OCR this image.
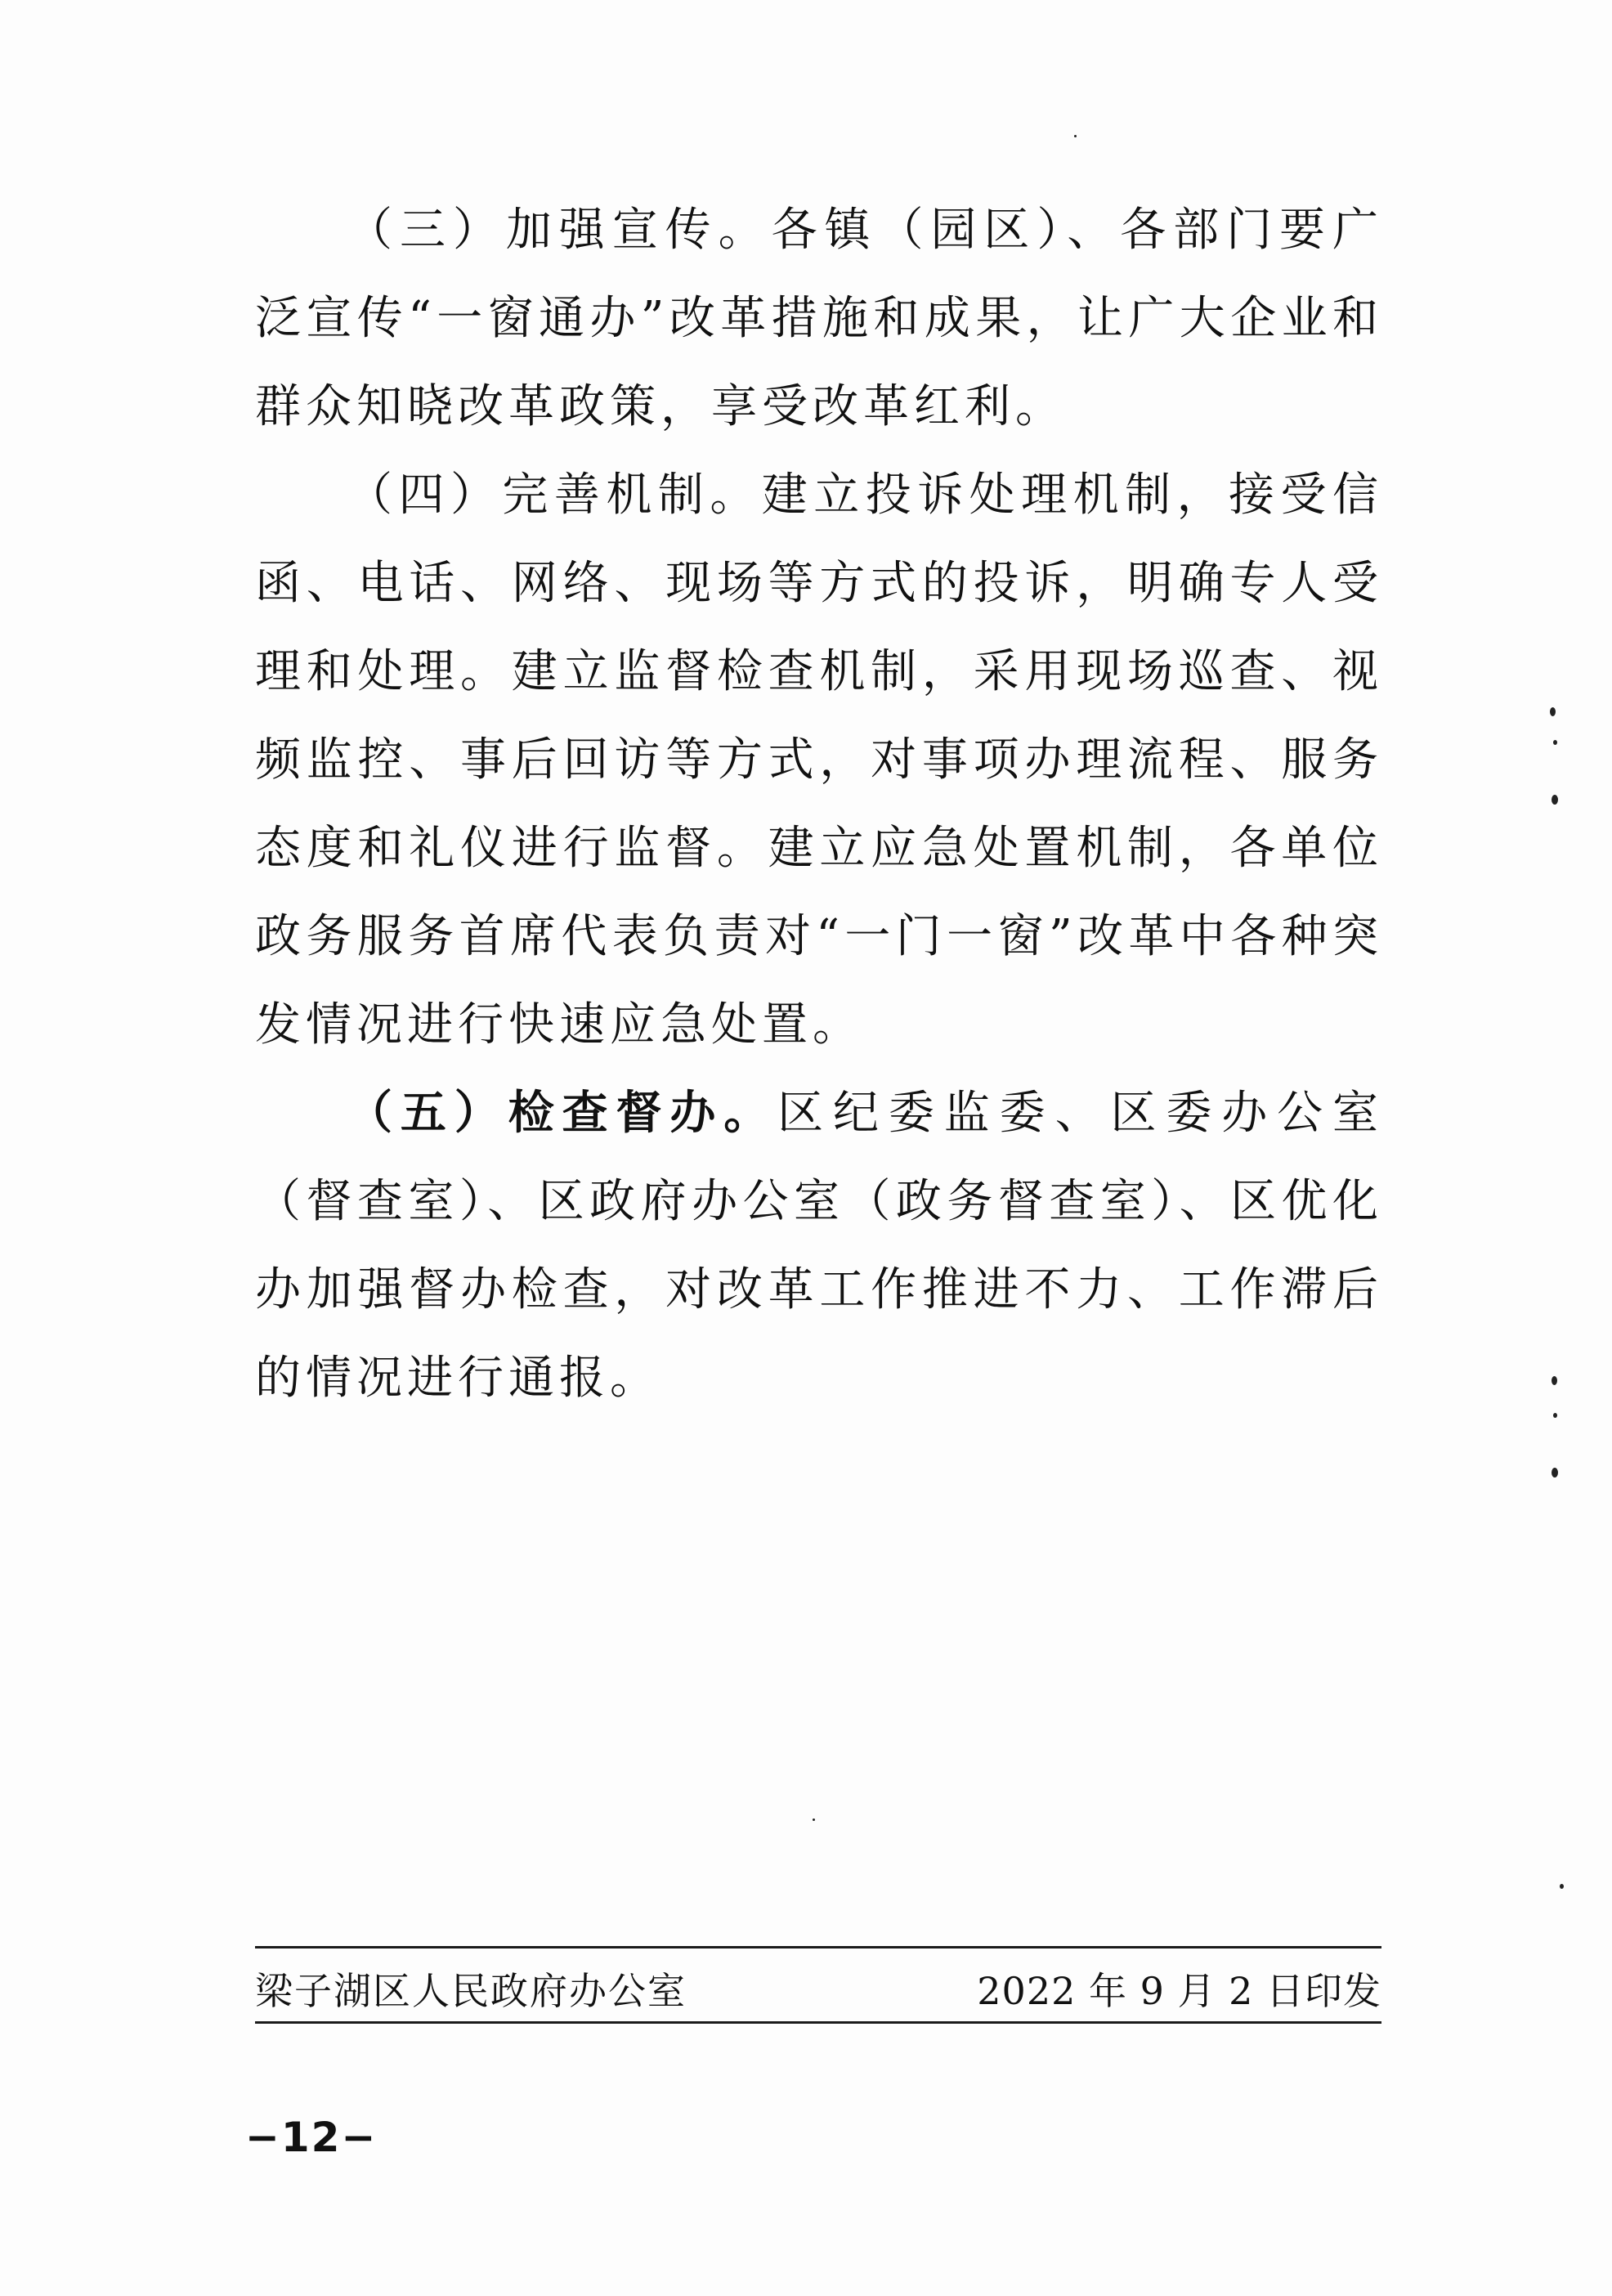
（三）加强宣传。各镇（园区）、各部门要广泛宣传“一窗通办”改革措施和成果，让广大企业和群众知晓改革政策，享受改革红利。

（四）完善机制。建立投诉处理机制，接受信函、电话、网络、现场等方式的投诉，明确专人受理和处理。建立监督检查机制，采用现场巡查、视频监控、事后回访等方式，对事项办理流程、服务态度和礼仪进行监督。建立应急处置机制，各单位政务服务首席代表负责对“一门一窗”改革中各种突发情况进行快速应急处置。

（五）检查督办。区纪委监委、区委办公室（督查室）、区政府办公室（政务督查室）、区优化办加强督办检查，对改革工作推进不力、工作滞后的情况进行通报。

梁子湖区人民政府办公室	2022 年 9 月 2 日印发
−12−
